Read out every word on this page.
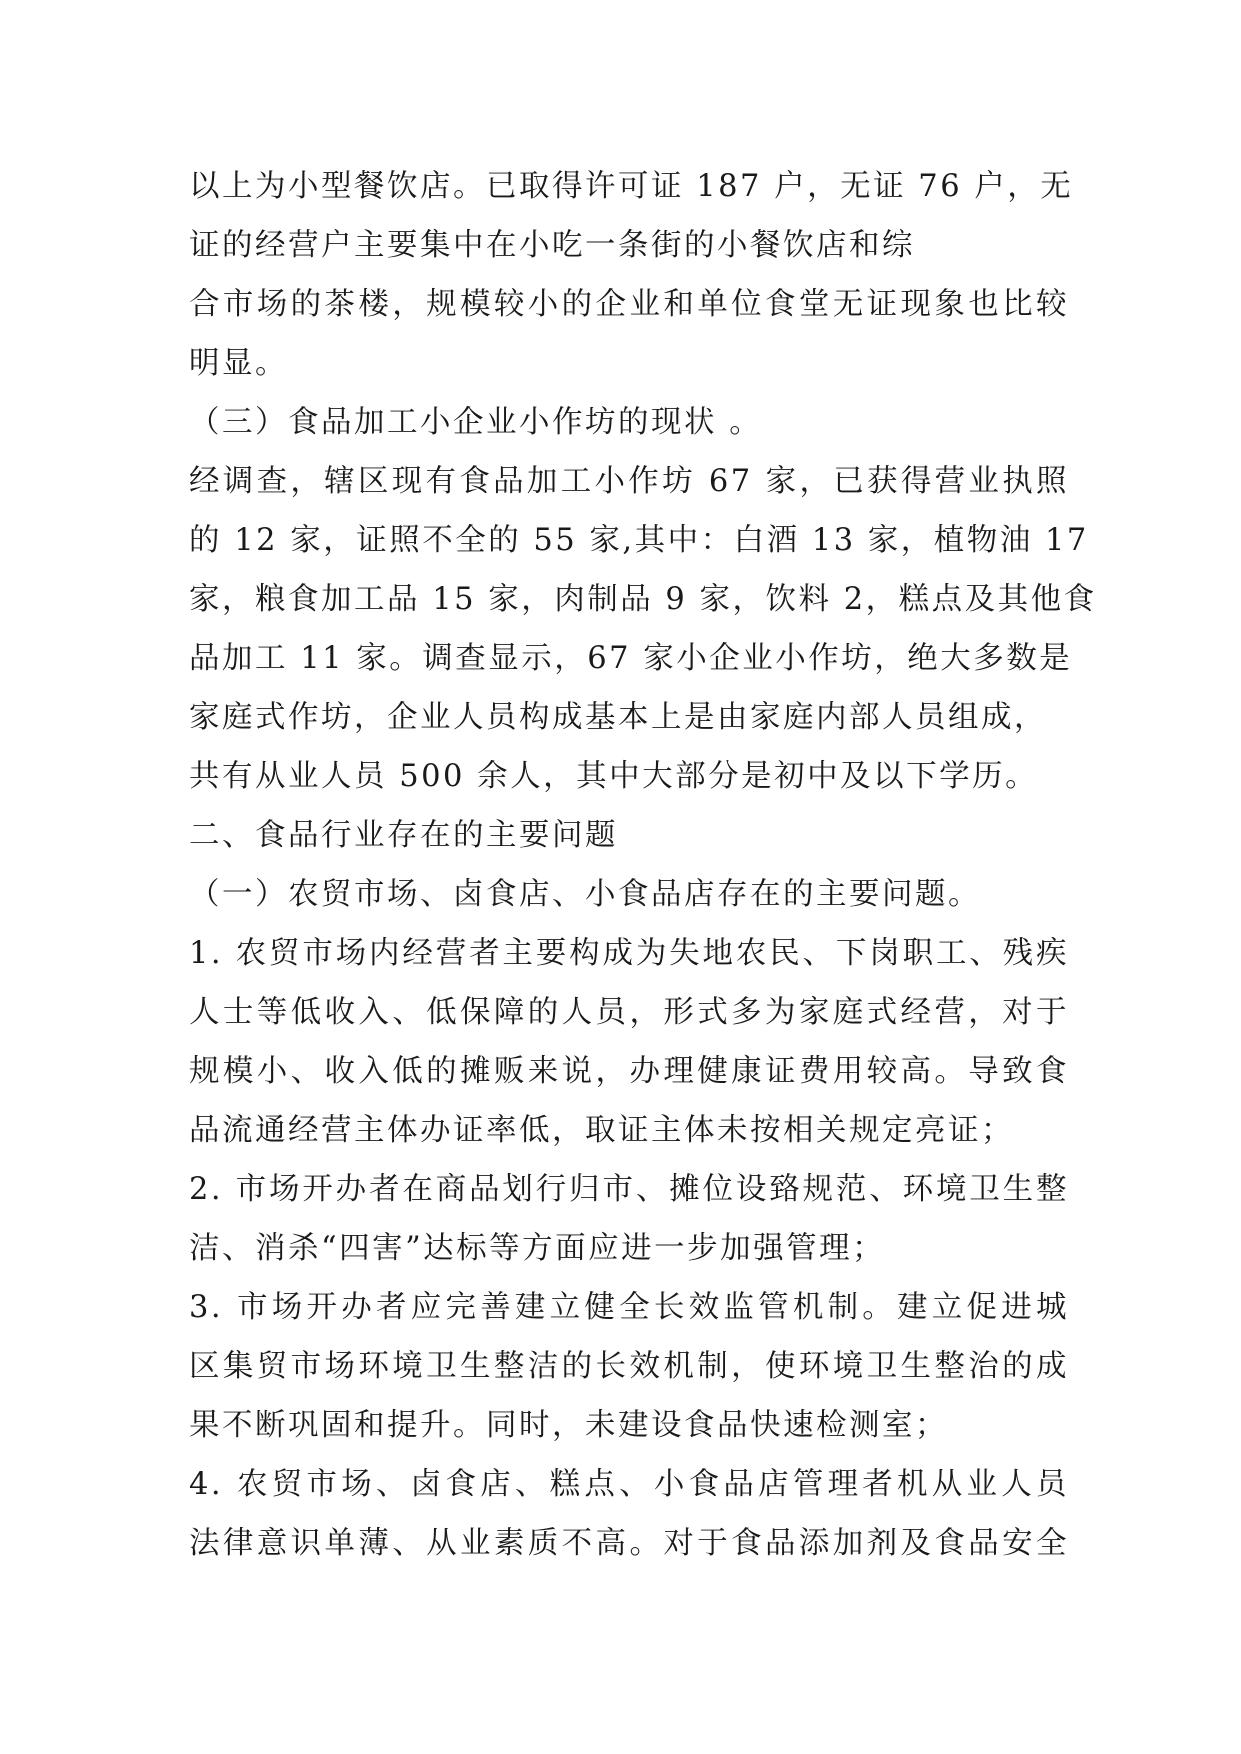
以上为小型餐饮店。已取得许可证 187 户，无证 76 户，无
证的经营户主要集中在小吃一条街的小餐饮店和综
合市场的茶楼，规模较小的企业和单位食堂无证现象也比较
明显。
（三）食品加工小企业小作坊的现状 。
经调查，辖区现有食品加工小作坊 67 家，已获得营业执照
的 12 家，证照不全的 55 家,其中：白酒 13 家，植物油 17
家，粮食加工品 15 家，肉制品 9 家，饮料 2，糕点及其他食
品加工 11 家。调查显示，67 家小企业小作坊，绝大多数是
家庭式作坊，企业人员构成基本上是由家庭内部人员组成，
共有从业人员 500 余人，其中大部分是初中及以下学历。
二、食品行业存在的主要问题
（一）农贸市场、卤食店、小食品店存在的主要问题。
1. 农贸市场内经营者主要构成为失地农民、下岗职工、残疾
人士等低收入、低保障的人员，形式多为家庭式经营，对于
规模小、收入低的摊贩来说，办理健康证费用较高。导致食
品流通经营主体办证率低，取证主体未按相关规定亮证；
2. 市场开办者在商品划行归市、摊位设臵规范、环境卫生整
洁、消杀“四害”达标等方面应进一步加强管理；
3. 市场开办者应完善建立健全长效监管机制。建立促进城
区集贸市场环境卫生整洁的长效机制，使环境卫生整治的成
果不断巩固和提升。同时，未建设食品快速检测室；
4. 农贸市场、卤食店、糕点、小食品店管理者机从业人员
法律意识单薄、从业素质不高。对于食品添加剂及食品安全
